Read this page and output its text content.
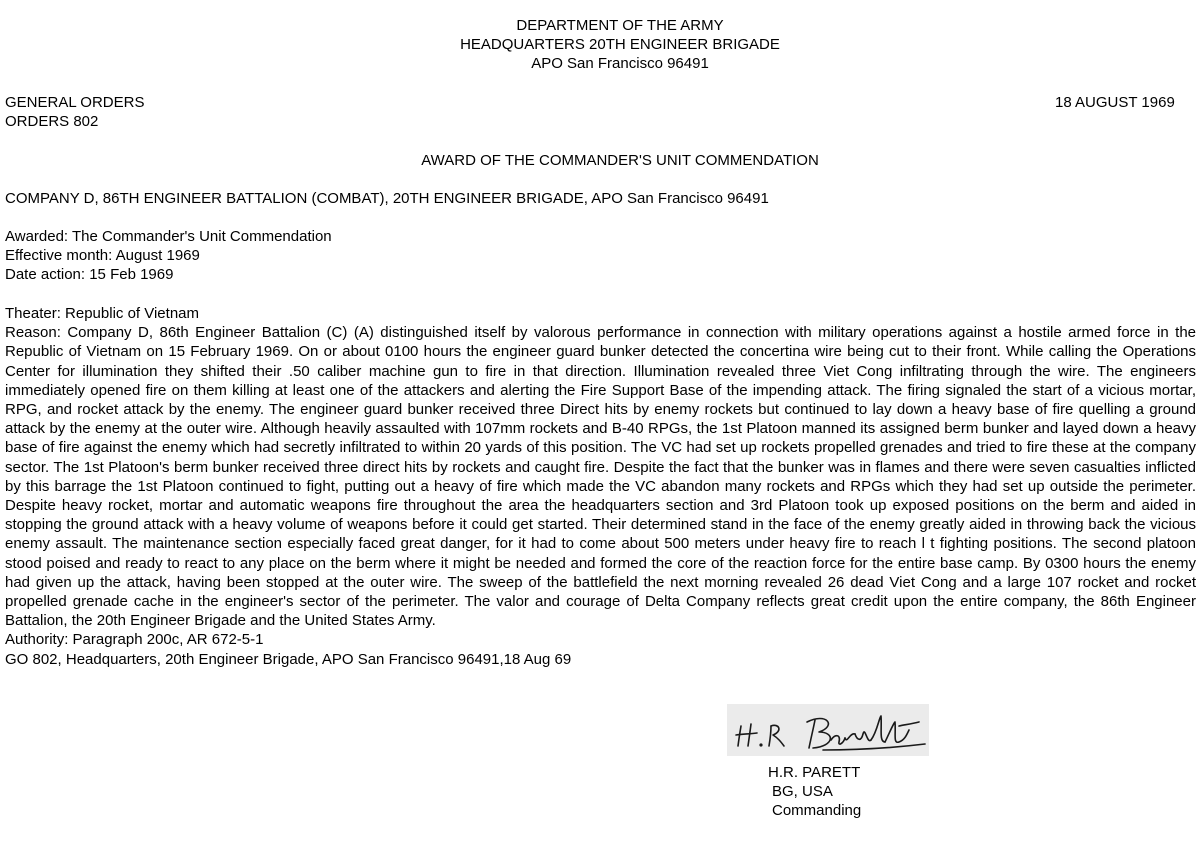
DEPARTMENT OF THE ARMY
HEADQUARTERS 20TH ENGINEER BRIGADE
APO San Francisco 96491
GENERAL ORDERS
ORDERS 802
18 AUGUST 1969
AWARD OF THE COMMANDER'S UNIT COMMENDATION
COMPANY D, 86TH ENGINEER BATTALION (COMBAT), 20TH ENGINEER BRIGADE, APO San Francisco 96491
Awarded: The Commander's Unit Commendation
Effective month: August 1969
Date action: 15 Feb 1969
Theater: Republic of Vietnam
Reason: Company D, 86th Engineer Battalion (C) (A) distinguished itself by valorous performance in connection with military operations against a hostile armed force in the Republic of Vietnam on 15 February 1969. On or about 0100 hours the engineer guard bunker detected the concertina wire being cut to their front. While calling the Operations Center for illumination they shifted their .50 caliber machine gun to fire in that direction. Illumination revealed three Viet Cong infiltrating through the wire. The engineers immediately opened fire on them killing at least one of the attackers and alerting the Fire Support Base of the impending attack. The firing signaled the start of a vicious mortar, RPG, and rocket attack by the enemy. The engineer guard bunker received three Direct hits by enemy rockets but continued to lay down a heavy base of fire quelling a ground attack by the enemy at the outer wire. Although heavily assaulted with 107mm rockets and B-40 RPGs, the 1st Platoon manned its assigned berm bunker and layed down a heavy base of fire against the enemy which had secretly infiltrated to within 20 yards of this position. The VC had set up rockets propelled grenades and tried to fire these at the company sector. The 1st Platoon's berm bunker received three direct hits by rockets and caught fire. Despite the fact that the bunker was in flames and there were seven casualties inflicted by this barrage the 1st Platoon continued to fight, putting out a heavy of fire which made the VC abandon many rockets and RPGs which they had set up outside the perimeter. Despite heavy rocket, mortar and automatic weapons fire throughout the area the headquarters section and 3rd Platoon took up exposed positions on the berm and aided in stopping the ground attack with a heavy volume of weapons before it could get started. Their determined stand in the face of the enemy greatly aided in throwing back the vicious enemy assault. The maintenance section especially faced great danger, for it had to come about 500 meters under heavy fire to reach l t fighting positions. The second platoon stood poised and ready to react to any place on the berm where it might be needed and formed the core of the reaction force for the entire base camp. By 0300 hours the enemy had given up the attack, having been stopped at the outer wire. The sweep of the battlefield the next morning revealed 26 dead Viet Cong and a large 107 rocket and rocket propelled grenade cache in the engineer's sector of the perimeter. The valor and courage of Delta Company reflects great credit upon the entire company, the 86th Engineer Battalion, the 20th Engineer Brigade and the United States Army.
Authority: Paragraph 200c, AR 672-5-1
GO 802, Headquarters, 20th Engineer Brigade, APO San Francisco 96491,18 Aug 69
H.R. PARETT
BG, USA
Commanding
